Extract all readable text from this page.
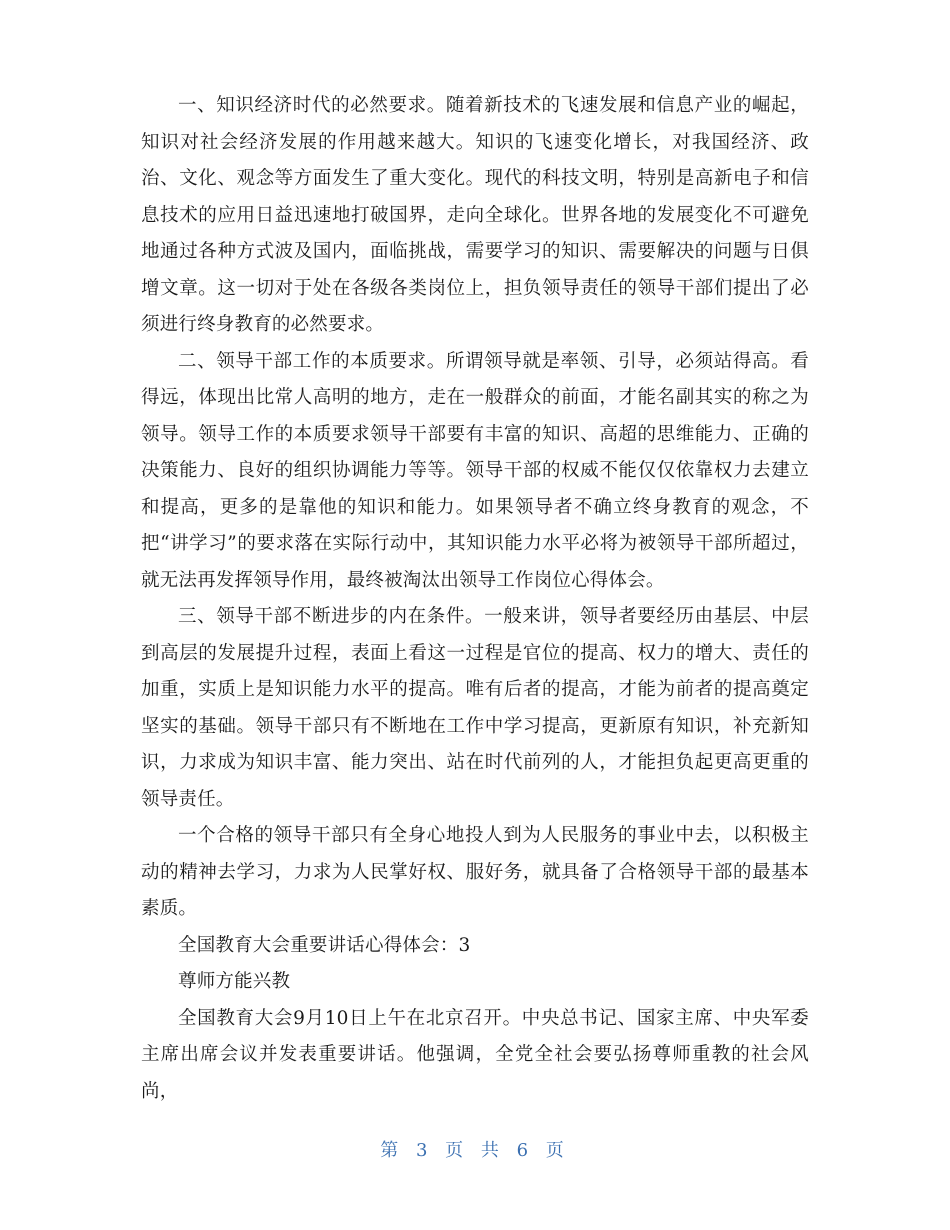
一、知识经济时代的必然要求。随着新技术的飞速发展和信息产业的崛起，知识对社会经济发展的作用越来越大。知识的飞速变化增长，对我国经济、政治、文化、观念等方面发生了重大变化。现代的科技文明，特别是高新电子和信息技术的应用日益迅速地打破国界，走向全球化。世界各地的发展变化不可避免地通过各种方式波及国内，面临挑战，需要学习的知识、需要解决的问题与日俱增文章。这一切对于处在各级各类岗位上，担负领导责任的领导干部们提出了必须进行终身教育的必然要求。

二、领导干部工作的本质要求。所谓领导就是率领、引导，必须站得高。看得远，体现出比常人高明的地方，走在一般群众的前面，才能名副其实的称之为领导。领导工作的本质要求领导干部要有丰富的知识、高超的思维能力、正确的决策能力、良好的组织协调能力等等。领导干部的权威不能仅仅依靠权力去建立和提高，更多的是靠他的知识和能力。如果领导者不确立终身教育的观念，不把“讲学习”的要求落在实际行动中，其知识能力水平必将为被领导干部所超过，就无法再发挥领导作用，最终被淘汰出领导工作岗位心得体会。

三、领导干部不断进步的内在条件。一般来讲，领导者要经历由基层、中层到高层的发展提升过程，表面上看这一过程是官位的提高、权力的增大、责任的加重，实质上是知识能力水平的提高。唯有后者的提高，才能为前者的提高奠定坚实的基础。领导干部只有不断地在工作中学习提高，更新原有知识，补充新知识，力求成为知识丰富、能力突出、站在时代前列的人，才能担负起更高更重的领导责任。

一个合格的领导干部只有全身心地投人到为人民服务的事业中去，以积极主动的精神去学习，力求为人民掌好权、服好务，就具备了合格领导干部的最基本素质。

全国教育大会重要讲话心得体会：3

尊师方能兴教

全国教育大会9月10日上午在北京召开。中央总书记、国家主席、中央军委主席出席会议并发表重要讲话。他强调，全党全社会要弘扬尊师重教的社会风尚，

第 3 页 共 6 页
